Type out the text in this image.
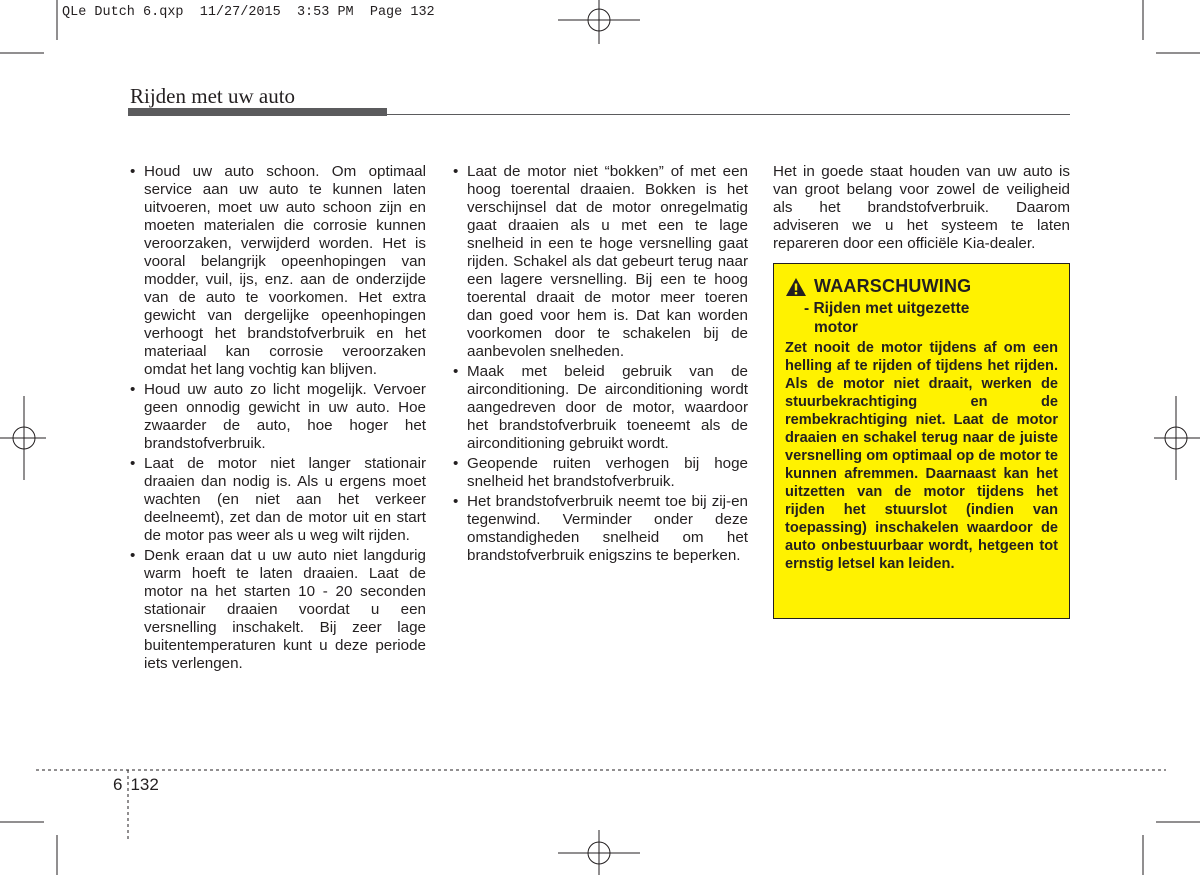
QLe Dutch 6.qxp  11/27/2015  3:53 PM  Page 132
Rijden met uw auto
• Houd uw auto schoon. Om optimaal service aan uw auto te kunnen laten uitvoeren, moet uw auto schoon zijn en moeten materialen die corrosie kunnen veroorzaken, verwijderd worden. Het is vooral belangrijk opeenhopingen van modder, vuil, ijs, enz. aan de onderzijde van de auto te voorkomen. Het extra gewicht van dergelijke opeenhopingen verhoogt het brandstofverbruik en het materiaal kan corrosie veroorzaken omdat het lang vochtig kan blijven.
• Houd uw auto zo licht mogelijk. Vervoer geen onnodig gewicht in uw auto. Hoe zwaarder de auto, hoe hoger het brandstofverbruik.
• Laat de motor niet langer stationair draaien dan nodig is. Als u ergens moet wachten (en niet aan het verkeer deelneemt), zet dan de motor uit en start de motor pas weer als u weg wilt rijden.
• Denk eraan dat u uw auto niet langdurig warm hoeft te laten draaien. Laat de motor na het starten 10 - 20 seconden stationair draaien voordat u een versnelling inschakelt. Bij zeer lage buitentemperaturen kunt u deze periode iets verlengen.
• Laat de motor niet “bokken” of met een hoog toerental draaien. Bokken is het verschijnsel dat de motor onregelmatig gaat draaien als u met een te lage snelheid in een te hoge versnelling gaat rijden. Schakel als dat gebeurt terug naar een lagere versnelling. Bij een te hoog toerental draait de motor meer toeren dan goed voor hem is. Dat kan worden voorkomen door te schakelen bij de aanbevolen snelheden.
• Maak met beleid gebruik van de airconditioning. De airconditioning wordt aangedreven door de motor, waardoor het brandstofverbruik toeneemt als de airconditioning gebruikt wordt.
• Geopende ruiten verhogen bij hoge snelheid het brandstofverbruik.
• Het brandstofverbruik neemt toe bij zij-en tegenwind. Verminder onder deze omstandigheden snelheid om het brandstofverbruik enigszins te beperken.

Het in goede staat houden van uw auto is van groot belang voor zowel de veiligheid als het brandstofverbruik. Daarom adviseren we u het systeem te laten repareren door een officiële Kia-dealer.

WAARSCHUWING
- Rijden met uitgezette motor

Zet nooit de motor tijdens af om een helling af te rijden of tijdens het rijden. Als de motor niet draait, werken de stuurbekrachtiging en de rembekrachtiging niet. Laat de motor draaien en schakel terug naar de juiste versnelling om optimaal op de motor te kunnen afremmen. Daarnaast kan het uitzetten van de motor tijdens het rijden het stuurslot (indien van toepassing) inschakelen waardoor de auto onbestuurbaar wordt, hetgeen tot ernstig letsel kan leiden.

6 132
